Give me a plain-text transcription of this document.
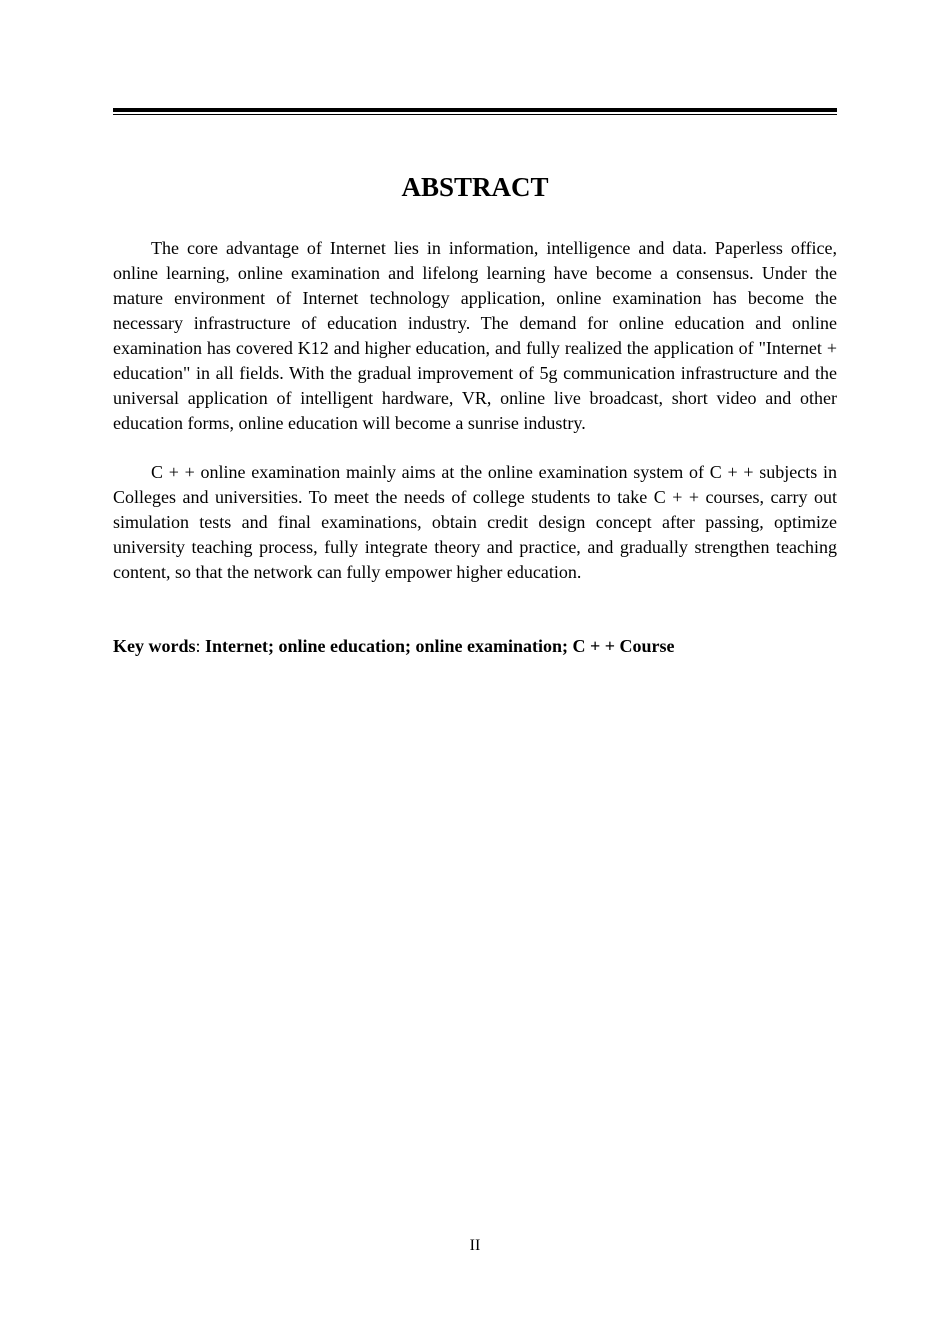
ABSTRACT

The core advantage of Internet lies in information, intelligence and data. Paperless office, online learning, online examination and lifelong learning have become a consensus. Under the mature environment of Internet technology application, online examination has become the necessary infrastructure of education industry. The demand for online education and online examination has covered K12 and higher education, and fully realized the application of "Internet + education" in all fields. With the gradual improvement of 5g communication infrastructure and the universal application of intelligent hardware, VR, online live broadcast, short video and other education forms, online education will become a sunrise industry.

C + + online examination mainly aims at the online examination system of C + + subjects in Colleges and universities. To meet the needs of college students to take C + + courses, carry out simulation tests and final examinations, obtain credit design concept after passing, optimize university teaching process, fully integrate theory and practice, and gradually strengthen teaching content, so that the network can fully empower higher education.

Key words: Internet; online education; online examination; C + + Course

II
